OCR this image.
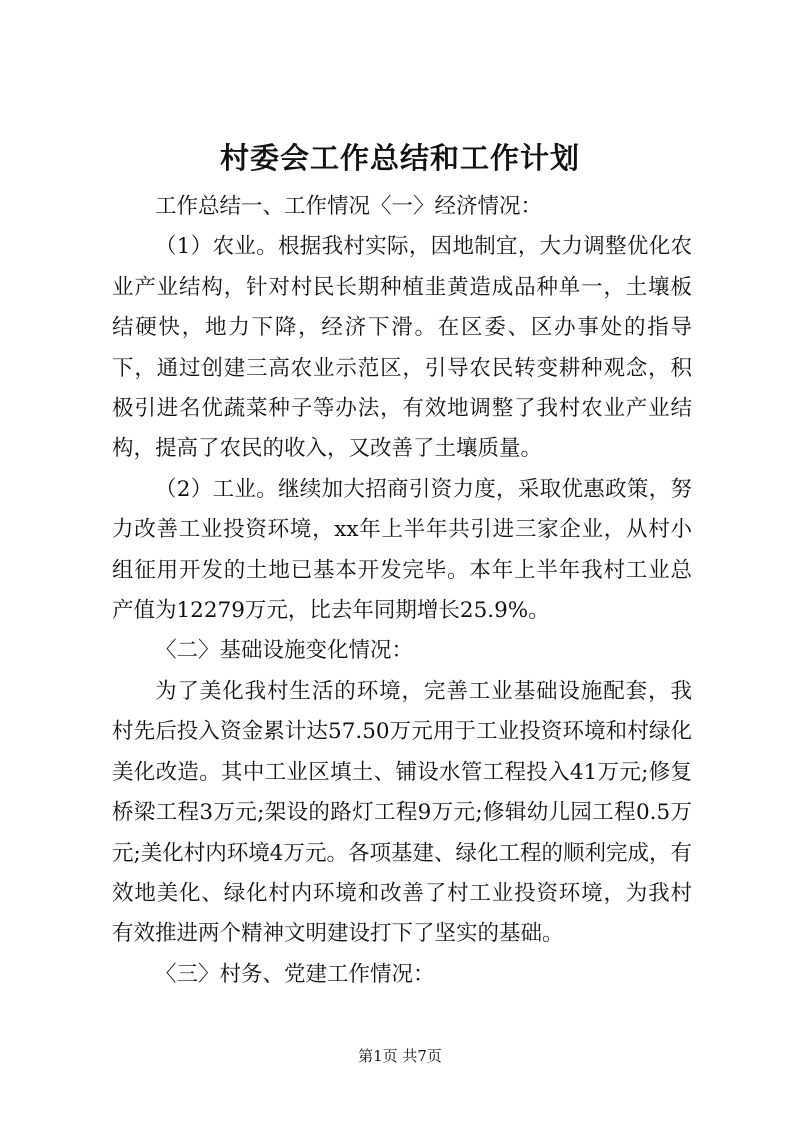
村委会工作总结和工作计划

工作总结一、工作情况〈一〉经济情况：

（1）农业。根据我村实际，因地制宜，大力调整优化农业产业结构，针对村民长期种植韭黄造成品种单一，土壤板结硬快，地力下降，经济下滑。在区委、区办事处的指导下，通过创建三高农业示范区，引导农民转变耕种观念，积极引进名优蔬菜种子等办法，有效地调整了我村农业产业结构，提高了农民的收入，又改善了土壤质量。

（2）工业。继续加大招商引资力度，采取优惠政策，努力改善工业投资环境，xx年上半年共引进三家企业，从村小组征用开发的土地已基本开发完毕。本年上半年我村工业总产值为12279万元，比去年同期增长25.9%。

〈二〉基础设施变化情况：

为了美化我村生活的环境，完善工业基础设施配套，我村先后投入资金累计达57.50万元用于工业投资环境和村绿化美化改造。其中工业区填土、铺设水管工程投入41万元;修复桥梁工程3万元;架设的路灯工程9万元;修辑幼儿园工程0.5万元;美化村内环境4万元。各项基建、绿化工程的顺利完成，有效地美化、绿化村内环境和改善了村工业投资环境，为我村有效推进两个精神文明建设打下了坚实的基础。

〈三〉村务、党建工作情况：

第1页 共7页
